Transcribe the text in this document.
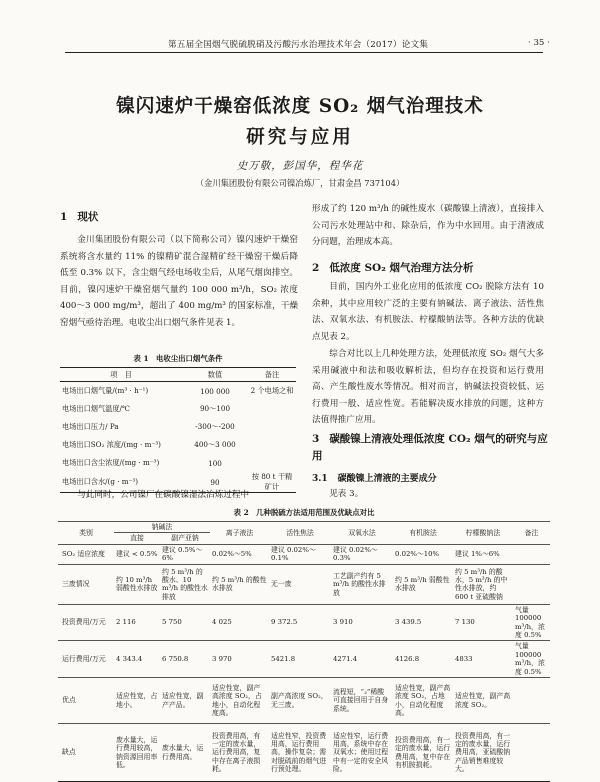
第五届全国烟气脱硫脱硝及污酸污水治理技术年会（2017）论文集	· 35 ·
镍闪速炉干燥窑低浓度 SO₂ 烟气治理技术
研究与应用
史万敬，彭国华，程华花
（金川集团股份有限公司镍冶炼厂，甘肃金昌 737104）
1 现状
金川集团股份有限公司（以下简称公司）镍闪速炉干燥窑系统将含水量约 11% 的镍精矿混合湿精矿经干燥窑干燥后降低至 0.3% 以下，含尘烟气经电场收尘后，从尾气烟囱排空。目前，镍闪速炉干燥窑烟气量约 100 000 m³/h，SO₂ 浓度 400～3 000 mg/m³，超出了 400 mg/m³ 的国家标准，干燥窑烟气亟待治理。电收尘出口烟气条件见表 1。
表 1　电收尘出口烟气条件
项　目	数值	备注
电场出口烟气量/(m³ · h⁻¹)	100 000	2 个电场之和
电场出口烟气温度/℃	90～100	
电场出口压力/ Pa	-300～-200	
电场出口SO₂ 浓度/(mg · m⁻³)	400～3 000	
电场出口含尘浓度/(mg · m⁻³)	100	
电场出口含水/(g · m⁻³)	90	按 80 t 干精矿计
与此同时，公司镍厂在碳酸镍湿法冶炼过程中
形成了约 120 m³/h 的碱性废水（碳酸镍上清液），直接排入公司污水处理站中和、除杂后，作为中水回用。由于清液成分问题，治理成本高。
2 低浓度 SO₂ 烟气治理方法分析
目前，国内外工业化应用的低浓度 CO₂ 脱除方法有 10 余种，其中应用较广泛的主要有钠碱法、离子液法、活性焦法、双氧水法、有机胺法、柠檬酸钠法等。各种方法的优缺点见表 2。
综合对比以上几种处理方法，处理低浓度 SO₂ 烟气大多采用碱液中和法和吸收解析法，但均存在投资和运行费用高、产生酸性废水等情况。相对而言，钠碱法投资较低、运行费用一般、适应性宽。若能解决废水排放的问题，这种方法值得推广应用。
3 碳酸镍上清液处理低浓度 CO₂ 烟气的研究与应用
3.1 碳酸镍上清液的主要成分
见表 3。
表 2　几种脱硫方法适用范围及优缺点对比
类别	钠碱法		离子液法	活性焦法	双氧水法	有机胺法	柠檬酸钠法	备注
	直接	副产亚钠						
SO₂ 适应浓度	建议 < 0.5%	建议 0.5%～6%	0.02%～5%	建议 0.02%～0.1%	建议 0.02%～0.3%	0.02%～10%	建议 1%～6%	
三废情况	约 10 m³/h 弱酸性水排放	约 5 m³/h 的酸水、10 m³/h 的酸性水排放	约 5 m³/h 的酸性水排放	无一废	工艺副产约有 5 m³/h 的酸性水排放	约 5 m³/h 弱酸性水排放	约 5 m³/h 的酸水，5 m³/h 的中性水排放，约 600 t 亚硫酸钠	
投资费用/万元	2 116	5 750	4 025	9 372.5	3 910	3 439.5	7 130	气量 100000 m³/h，浓度 0.5%
运行费用/万元	4 343.4	6 750.8	3 970	5421.8	4271.4	4126.8	4833	气量 100000 m³/h，浓度 0.5%
优点	适应性宽，占地小。	适应性宽，副产产品。	适应性宽，副产高浓度 SO₂，占地小，自动化程度高。	副产高浓度 SO₂，无三废。	流程短，“₂”稀酸可直接回用于自身系统。	适应性宽，副产高浓度 SO₂，占地小，自动化程度高。	适应性宽，副产高浓度 SO₂。	
缺点	废水量大，运行费用较高，钠资源回用率低。	废水量大，运行费用高。	投资费用高，有一定的废水量，运行费用高，复中存在离子液损耗。	适应性窄，投资费用高，运行费用高，操作复杂；需对脱硫前的烟气进行预处理。	适应性窄，运行费用高，系统中存在双氧水；使用过程中有一定的安全风险。	投资费用高，有一定的废水量，运行费用高，复中存在有机胺损耗。	投资费用高，有一定的废水量，运行费用高，亚硫酸钠产品销售难度较大。	
